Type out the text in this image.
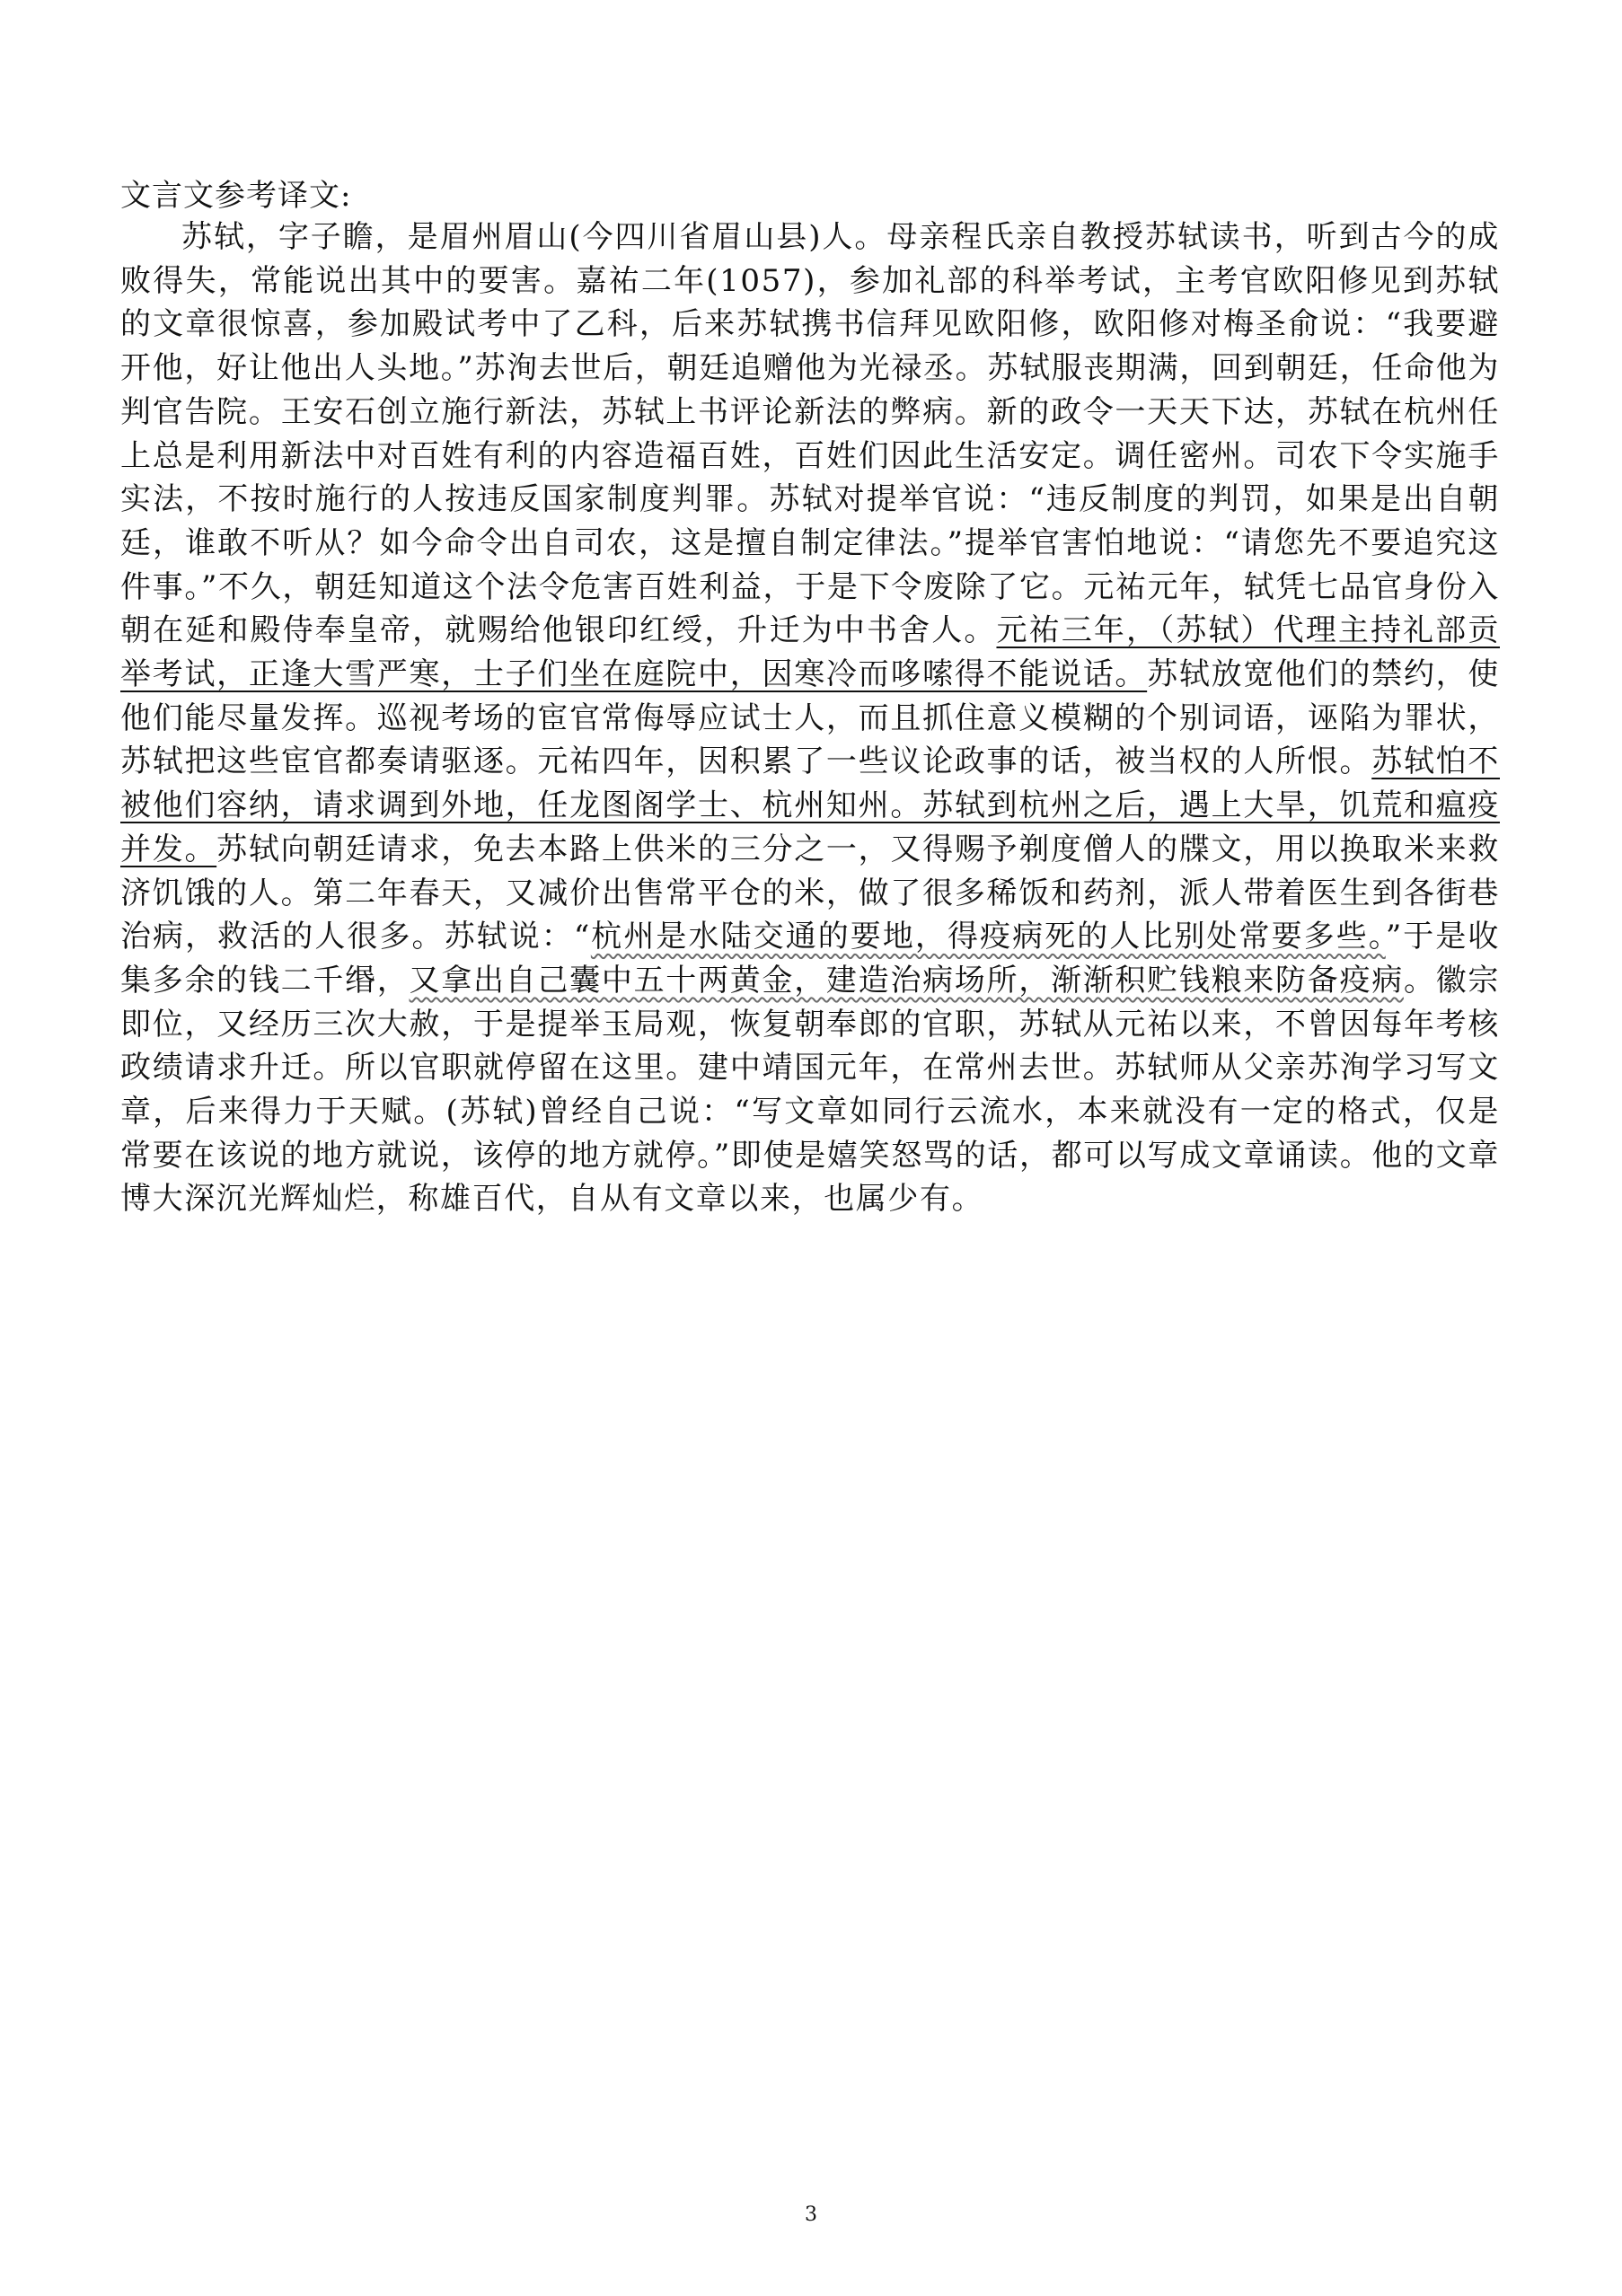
文言文参考译文:

苏轼，字子瞻，是眉州眉山(今四川省眉山县)人。母亲程氏亲自教授苏轼读书，听到古今的成败得失，常能说出其中的要害。嘉祐二年(1057)，参加礼部的科举考试，主考官欧阳修见到苏轼的文章很惊喜，参加殿试考中了乙科，后来苏轼携书信拜见欧阳修，欧阳修对梅圣俞说：“我要避开他，好让他出人头地。”苏洵去世后，朝廷追赠他为光禄丞。苏轼服丧期满，回到朝廷，任命他为判官告院。王安石创立施行新法，苏轼上书评论新法的弊病。新的政令一天天下达，苏轼在杭州任上总是利用新法中对百姓有利的内容造福百姓，百姓们因此生活安定。调任密州。司农下令实施手实法，不按时施行的人按违反国家制度判罪。苏轼对提举官说：“违反制度的判罚，如果是出自朝廷，谁敢不听从？如今命令出自司农，这是擅自制定律法。”提举官害怕地说：“请您先不要追究这件事。”不久，朝廷知道这个法令危害百姓利益，于是下令废除了它。元祐元年，轼凭七品官身份入朝在延和殿侍奉皇帝，就赐给他银印红绶，升迁为中书舍人。元祐三年，（苏轼）代理主持礼部贡举考试，正逢大雪严寒，士子们坐在庭院中，因寒冷而哆嗦得不能说话。苏轼放宽他们的禁约，使他们能尽量发挥。巡视考场的宦官常侮辱应试士人，而且抓住意义模糊的个别词语，诬陷为罪状，苏轼把这些宦官都奏请驱逐。元祐四年，因积累了一些议论政事的话，被当权的人所恨。苏轼怕不被他们容纳，请求调到外地，任龙图阁学士、杭州知州。苏轼到杭州之后，遇上大旱，饥荒和瘟疫并发。苏轼向朝廷请求，免去本路上供米的三分之一，又得赐予剃度僧人的牒文，用以换取米来救济饥饿的人。第二年春天，又减价出售常平仓的米，做了很多稀饭和药剂，派人带着医生到各街巷治病，救活的人很多。苏轼说：“杭州是水陆交通的要地，得疫病死的人比别处常要多些。”于是收集多余的钱二千缗，又拿出自己囊中五十两黄金，建造治病场所，渐渐积贮钱粮来防备疫病。徽宗即位，又经历三次大赦，于是提举玉局观，恢复朝奉郎的官职，苏轼从元祐以来，不曾因每年考核政绩请求升迁。所以官职就停留在这里。建中靖国元年，在常州去世。苏轼师从父亲苏洵学习写文章，后来得力于天赋。(苏轼)曾经自己说：“写文章如同行云流水，本来就没有一定的格式，仅是常要在该说的地方就说，该停的地方就停。”即使是嬉笑怒骂的话，都可以写成文章诵读。他的文章博大深沉光辉灿烂，称雄百代，自从有文章以来，也属少有。

3
